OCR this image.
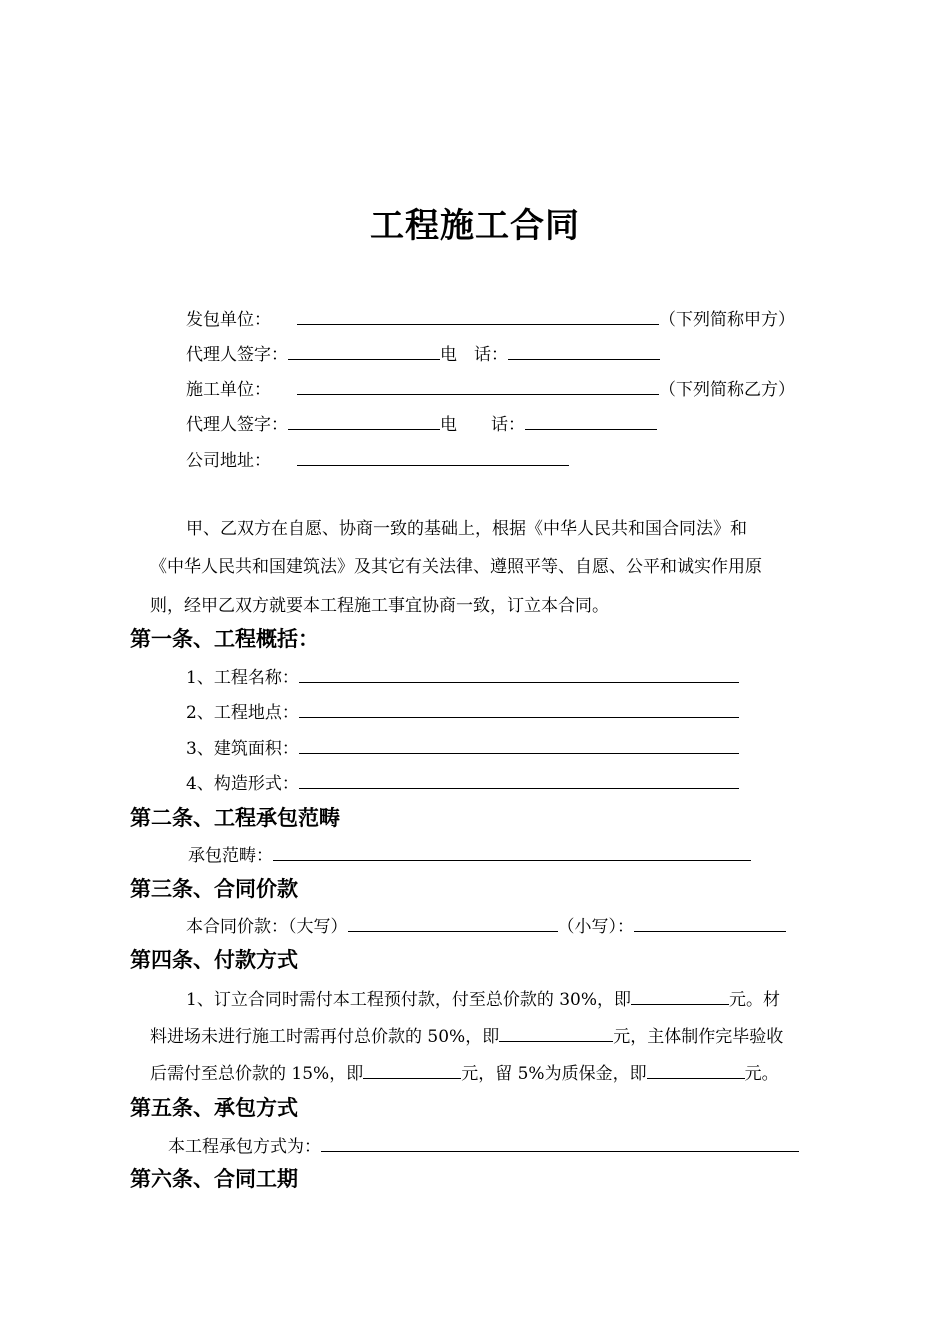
工程施工合同
发包单位：	（下列简称甲方）
代理人签字：	电　话：
施工单位：	（下列简称乙方）
代理人签字：	电　　话：
公司地址：
甲、乙双方在自愿、协商一致的基础上，根据《中华人民共和国合同法》和
《中华人民共和国建筑法》及其它有关法律、遵照平等、自愿、公平和诚实作用原
则，经甲乙双方就要本工程施工事宜协商一致，订立本合同。
第一条、工程概括：
1、工程名称：
2、工程地点：
3、建筑面积：
4、构造形式：
第二条、工程承包范畴
承包范畴：
第三条、合同价款
本合同价款：（大写）	（小写）：
第四条、付款方式
1、订立合同时需付本工程预付款，付至总价款的 30%，即	元。材
料进场未进行施工时需再付总价款的 50%，即	元，主体制作完毕验收
后需付至总价款的 15%，即	元，留 5%为质保金，即	元。
第五条、承包方式
本工程承包方式为：
第六条、合同工期
